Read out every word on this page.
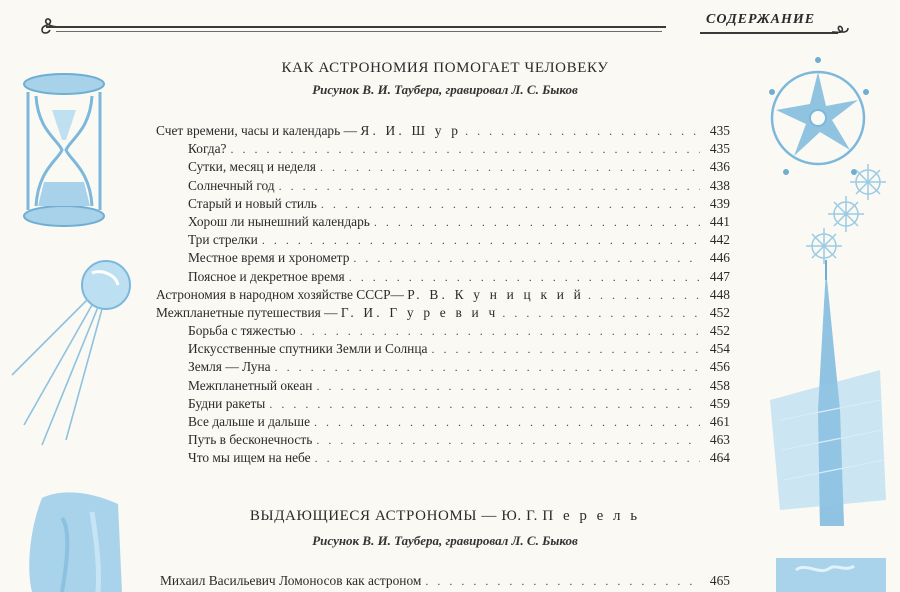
СОДЕРЖАНИЕ
КАК АСТРОНОМИЯ ПОМОГАЕТ ЧЕЛОВЕКУ
Рисунок В. И. Таубера, гравировал Л. С. Быков
Счет времени, часы и календарь — Я. И. Ш у р . . .	435
Когда? . . .	435
Сутки, месяц и неделя . . .	436
Солнечный год . . .	438
Старый и новый стиль . . .	439
Хорош ли нынешний календарь . . .	441
Три стрелки . . .	442
Местное время и хронометр . . .	446
Поясное и декретное время . . .	447
Астрономия в народном хозяйстве СССР— Р. В. К у н и ц к и й . . .	448
Межпланетные путешествия — Г. И. Г у р е в и ч . . .	452
Борьба с тяжестью . . .	452
Искусственные спутники Земли и Солнца . . .	454
Земля — Луна . . .	456
Межпланетный океан . . .	458
Будни ракеты . . .	459
Все дальше и дальше . . .	461
Путь в бесконечность . . .	463
Что мы ищем на небе . . .	464
ВЫДАЮЩИЕСЯ АСТРОНОМЫ — Ю. Г. П е р е л ь
Рисунок В. И. Таубера, гравировал Л. С. Быков
Михаил Васильевич Ломоносов как астроном . . .	465
